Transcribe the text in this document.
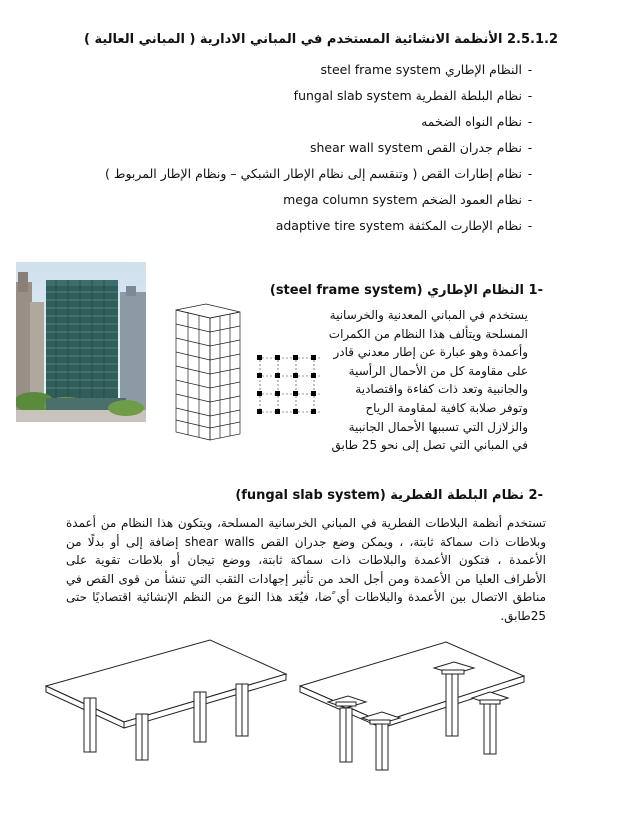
2.5.1.2 الأنظمة الانشائية المستخدم في المباني الادارية ( المباني العالية )
-النظام الإطاري steel frame system
-نظام البلطة الفطرية fungal slab system
-نظام النواه الضخمه
-نظام جدران القص shear wall system
-نظام إطارات القص ( وتنقسم إلى نظام الإطار الشبكي – ونظام الإطار المربوط )
-نظام العمود الضخم mega column system
-نظام الإطارت المكثفة adaptive tire system
-1 النظام الإطاري (steel frame system)
يستخدم في المباني المعدنية والخرسانية
المسلحة ويتألف هذا النظام من الكمرات
وأعمدة وهو عبارة عن إطار معدني قادر
على مقاومة كل من الأحمال الرأسية
والجانبية وتعد ذات كفاءة واقتصادية
وتوفر صلابة كافية لمقاومة الرياح
والزلازل التي تسببها الأحمال الجانبية
في المباني التي تصل إلى نحو 25 طابق
-2 نظام البلطة الفطرية (fungal slab system)
تستخدم أنظمة البلاطات الفطرية في المباني الخرسانية المسلحة، ويتكون هذا النظام من أعمدة
وبلاطات ذات سماكة ثابتة، ، ويمكن وضع جدران القص shear walls إضافة إلى أو بدلًا من
الأعمدة ، فتكون الأعمدة والبلاطات ذات سماكة ثابتة، ووضع تيجان أو بلاطات تقوية على
الأطراف العليا من الأعمدة ومن أجل الحد من تأثير إجهادات الثقب التي تنشأ من قوى القص في
مناطق الاتصال بين الأعمدة والبلاطات أي ًضا، فيُعَد هذا النوع من النظم الإنشائية اقتصاديًا حتى
25طابق.
